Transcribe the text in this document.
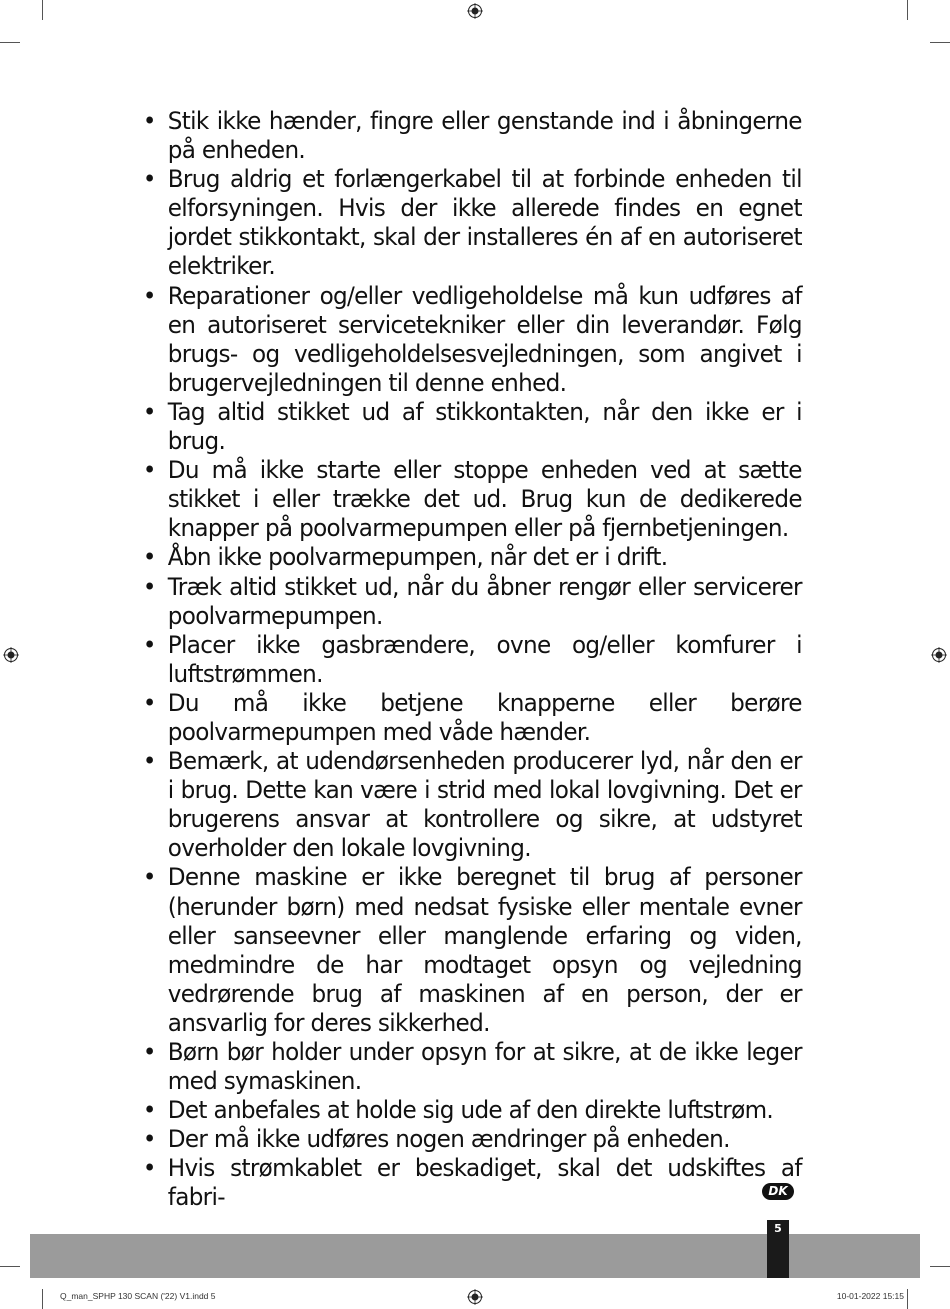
• Stik ikke hænder, fingre eller genstande ind i åbningerne på enheden.
• Brug aldrig et forlængerkabel til at forbinde enheden til elforsyningen. Hvis der ikke allerede findes en egnet jordet stikkontakt, skal der installeres én af en autoriseret elektriker.
• Reparationer og/eller vedligeholdelse må kun udføres af en autoriseret servicetekniker eller din leverandør. Følg brugs- og vedligeholdelsesvejledningen, som angivet i brugervejledningen til denne enhed.
• Tag altid stikket ud af stikkontakten, når den ikke er i brug.
• Du må ikke starte eller stoppe enheden ved at sætte stikket i eller trække det ud. Brug kun de dedikerede knapper på poolvarmepumpen eller på fjernbetjeningen.
• Åbn ikke poolvarmepumpen, når det er i drift.
• Træk altid stikket ud, når du åbner rengør eller servicerer poolvarmepumpen.
• Placer ikke gasbrændere, ovne og/eller komfurer i luftstrømmen.
• Du må ikke betjene knapperne eller berøre poolvarmepumpen med våde hænder.
• Bemærk, at udendørsenheden producerer lyd, når den er i brug. Dette kan være i strid med lokal lovgivning. Det er brugerens ansvar at kontrollere og sikre, at udstyret overholder den lokale lovgivning.
• Denne maskine er ikke beregnet til brug af personer (herunder børn) med nedsat fysiske eller mentale evner eller sanseevner eller manglende erfaring og viden, medmindre de har modtaget opsyn og vejledning vedrørende brug af maskinen af en person, der er ansvarlig for deres sikkerhed.
• Børn bør holder under opsyn for at sikre, at de ikke leger med symaskinen.
• Det anbefales at holde sig ude af den direkte luftstrøm.
• Der må ikke udføres nogen ændringer på enheden.
• Hvis strømkablet er beskadiget, skal det udskiftes af fabri-	DK
5
Q_man_SPHP 130 SCAN ('22) V1.indd 5	10-01-2022 15:15
